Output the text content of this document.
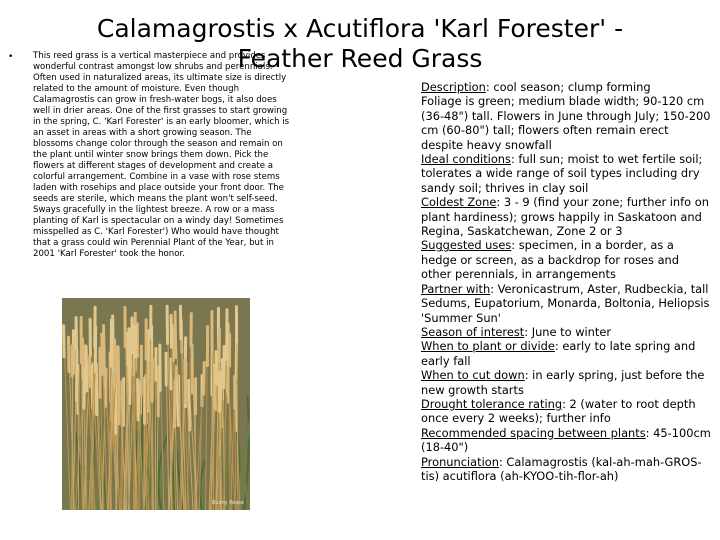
Calamagrostis x Acutiflora 'Karl Forester' - Feather Reed Grass
• This reed grass is a vertical masterpiece and provides wonderful contrast amongst low shrubs and perennials. Often used in naturalized areas, its ultimate size is directly related to the amount of moisture. Even though Calamagrostis can grow in fresh-water bogs, it also does well in drier areas. One of the first grasses to start growing in the spring, C. 'Karl Forester' is an early bloomer, which is an asset in areas with a short growing season. The blossoms change color through the season and remain on the plant until winter snow brings them down. Pick the flowers at different stages of development and create a colorful arrangement. Combine in a vase with rose stems laden with rosehips and place outside your front door. The seeds are sterile, which means the plant won't self-seed. Sways gracefully in the lightest breeze. A row or a mass planting of Karl is spectacular on a windy day! Sometimes misspelled as C. 'Karl Forester') Who would have thought that a grass could win Perennial Plant of the Year, but in 2001 'Karl Forester' took the honor.
Bunny Pease

Description: cool season; clump forming

Foliage is green; medium blade width; 90-120 cm (36-48") tall. Flowers in June through July; 150-200 cm (60-80") tall; flowers often remain erect despite heavy snowfall

Ideal conditions: full sun; moist to wet fertile soil; tolerates a wide range of soil types including dry sandy soil; thrives in clay soil

Coldest Zone: 3 - 9 (find your zone; further info on plant hardiness); grows happily in Saskatoon and Regina, Saskatchewan, Zone 2 or 3

Suggested uses: specimen, in a border, as a hedge or screen, as a backdrop for roses and other perennials, in arrangements

Partner with: Veronicastrum, Aster, Rudbeckia, tall Sedums, Eupatorium, Monarda, Boltonia, Heliopsis 'Summer Sun'

Season of interest: June to winter

When to plant or divide: early to late spring and early fall

When to cut down: in early spring, just before the new growth starts

Drought tolerance rating: 2 (water to root depth once every 2 weeks); further info

Recommended spacing between plants: 45-100cm (18-40")

Pronunciation: Calamagrostis (kal-ah-mah-GROS-tis) acutiflora (ah-KYOO-tih-flor-ah)
